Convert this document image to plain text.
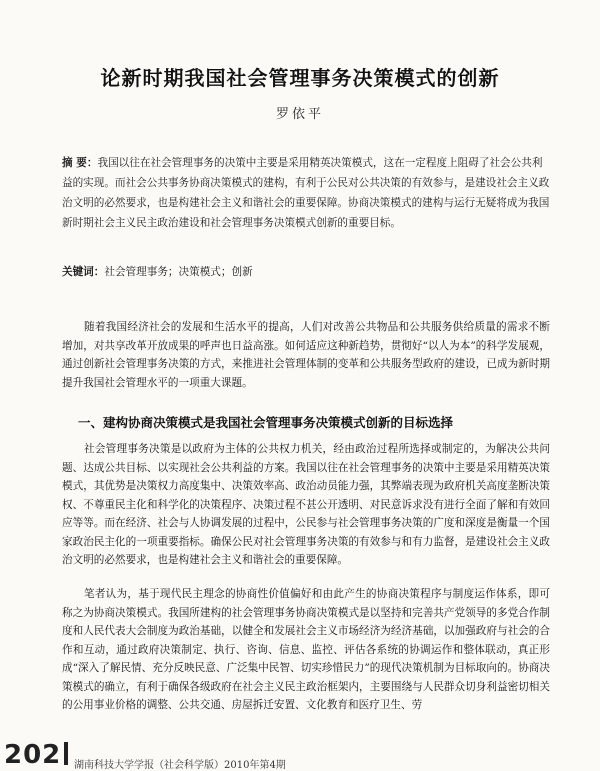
论新时期我国社会管理事务决策模式的创新
罗依平
摘 要：我国以往在社会管理事务的决策中主要是采用精英决策模式，这在一定程度上阻碍了社会公共利益的实现。而社会公共事务协商决策模式的建构，有利于公民对公共决策的有效参与，是建设社会主义政治文明的必然要求，也是构建社会主义和谐社会的重要保障。协商决策模式的建构与运行无疑将成为我国新时期社会主义民主政治建设和社会管理事务决策模式创新的重要目标。
关键词：社会管理事务；决策模式；创新
随着我国经济社会的发展和生活水平的提高，人们对改善公共物品和公共服务供给质量的需求不断增加，对共享改革开放成果的呼声也日益高涨。如何适应这种新趋势，贯彻好“以人为本”的科学发展观，通过创新社会管理事务决策的方式，来推进社会管理体制的变革和公共服务型政府的建设，已成为新时期提升我国社会管理水平的一项重大课题。
一、建构协商决策模式是我国社会管理事务决策模式创新的目标选择
社会管理事务决策是以政府为主体的公共权力机关，经由政治过程所选择或制定的，为解决公共问题、达成公共目标、以实现社会公共利益的方案。我国以往在社会管理事务的决策中主要是采用精英决策模式，其优势是决策权力高度集中、决策效率高、政治动员能力强，其弊端表现为政府机关高度垄断决策权、不尊重民主化和科学化的决策程序、决策过程不甚公开透明、对民意诉求没有进行全面了解和有效回应等等。而在经济、社会与人协调发展的过程中，公民参与社会管理事务决策的广度和深度是衡量一个国家政治民主化的一项重要指标。确保公民对社会管理事务决策的有效参与和有力监督，是建设社会主义政治文明的必然要求，也是构建社会主义和谐社会的重要保障。
笔者认为，基于现代民主理念的协商性价值偏好和由此产生的协商决策程序与制度运作体系，即可称之为协商决策模式。我国所建构的社会管理事务协商决策模式是以坚持和完善共产党领导的多党合作制度和人民代表大会制度为政治基础，以健全和发展社会主义市场经济为经济基础，以加强政府与社会的合作和互动，通过政府决策制定、执行、咨询、信息、监控、评估各系统的协调运作和整体联动，真正形成“深入了解民情、充分反映民意、广泛集中民智、切实珍惜民力”的现代决策机制为目标取向的。协商决策模式的确立，有利于确保各级政府在社会主义民主政治框架内，主要围绕与人民群众切身利益密切相关的公用事业价格的调整、公共交通、房屋拆迁安置、文化教育和医疗卫生、劳
202 湖南科技大学学报（社会科学版）2010年第4期
